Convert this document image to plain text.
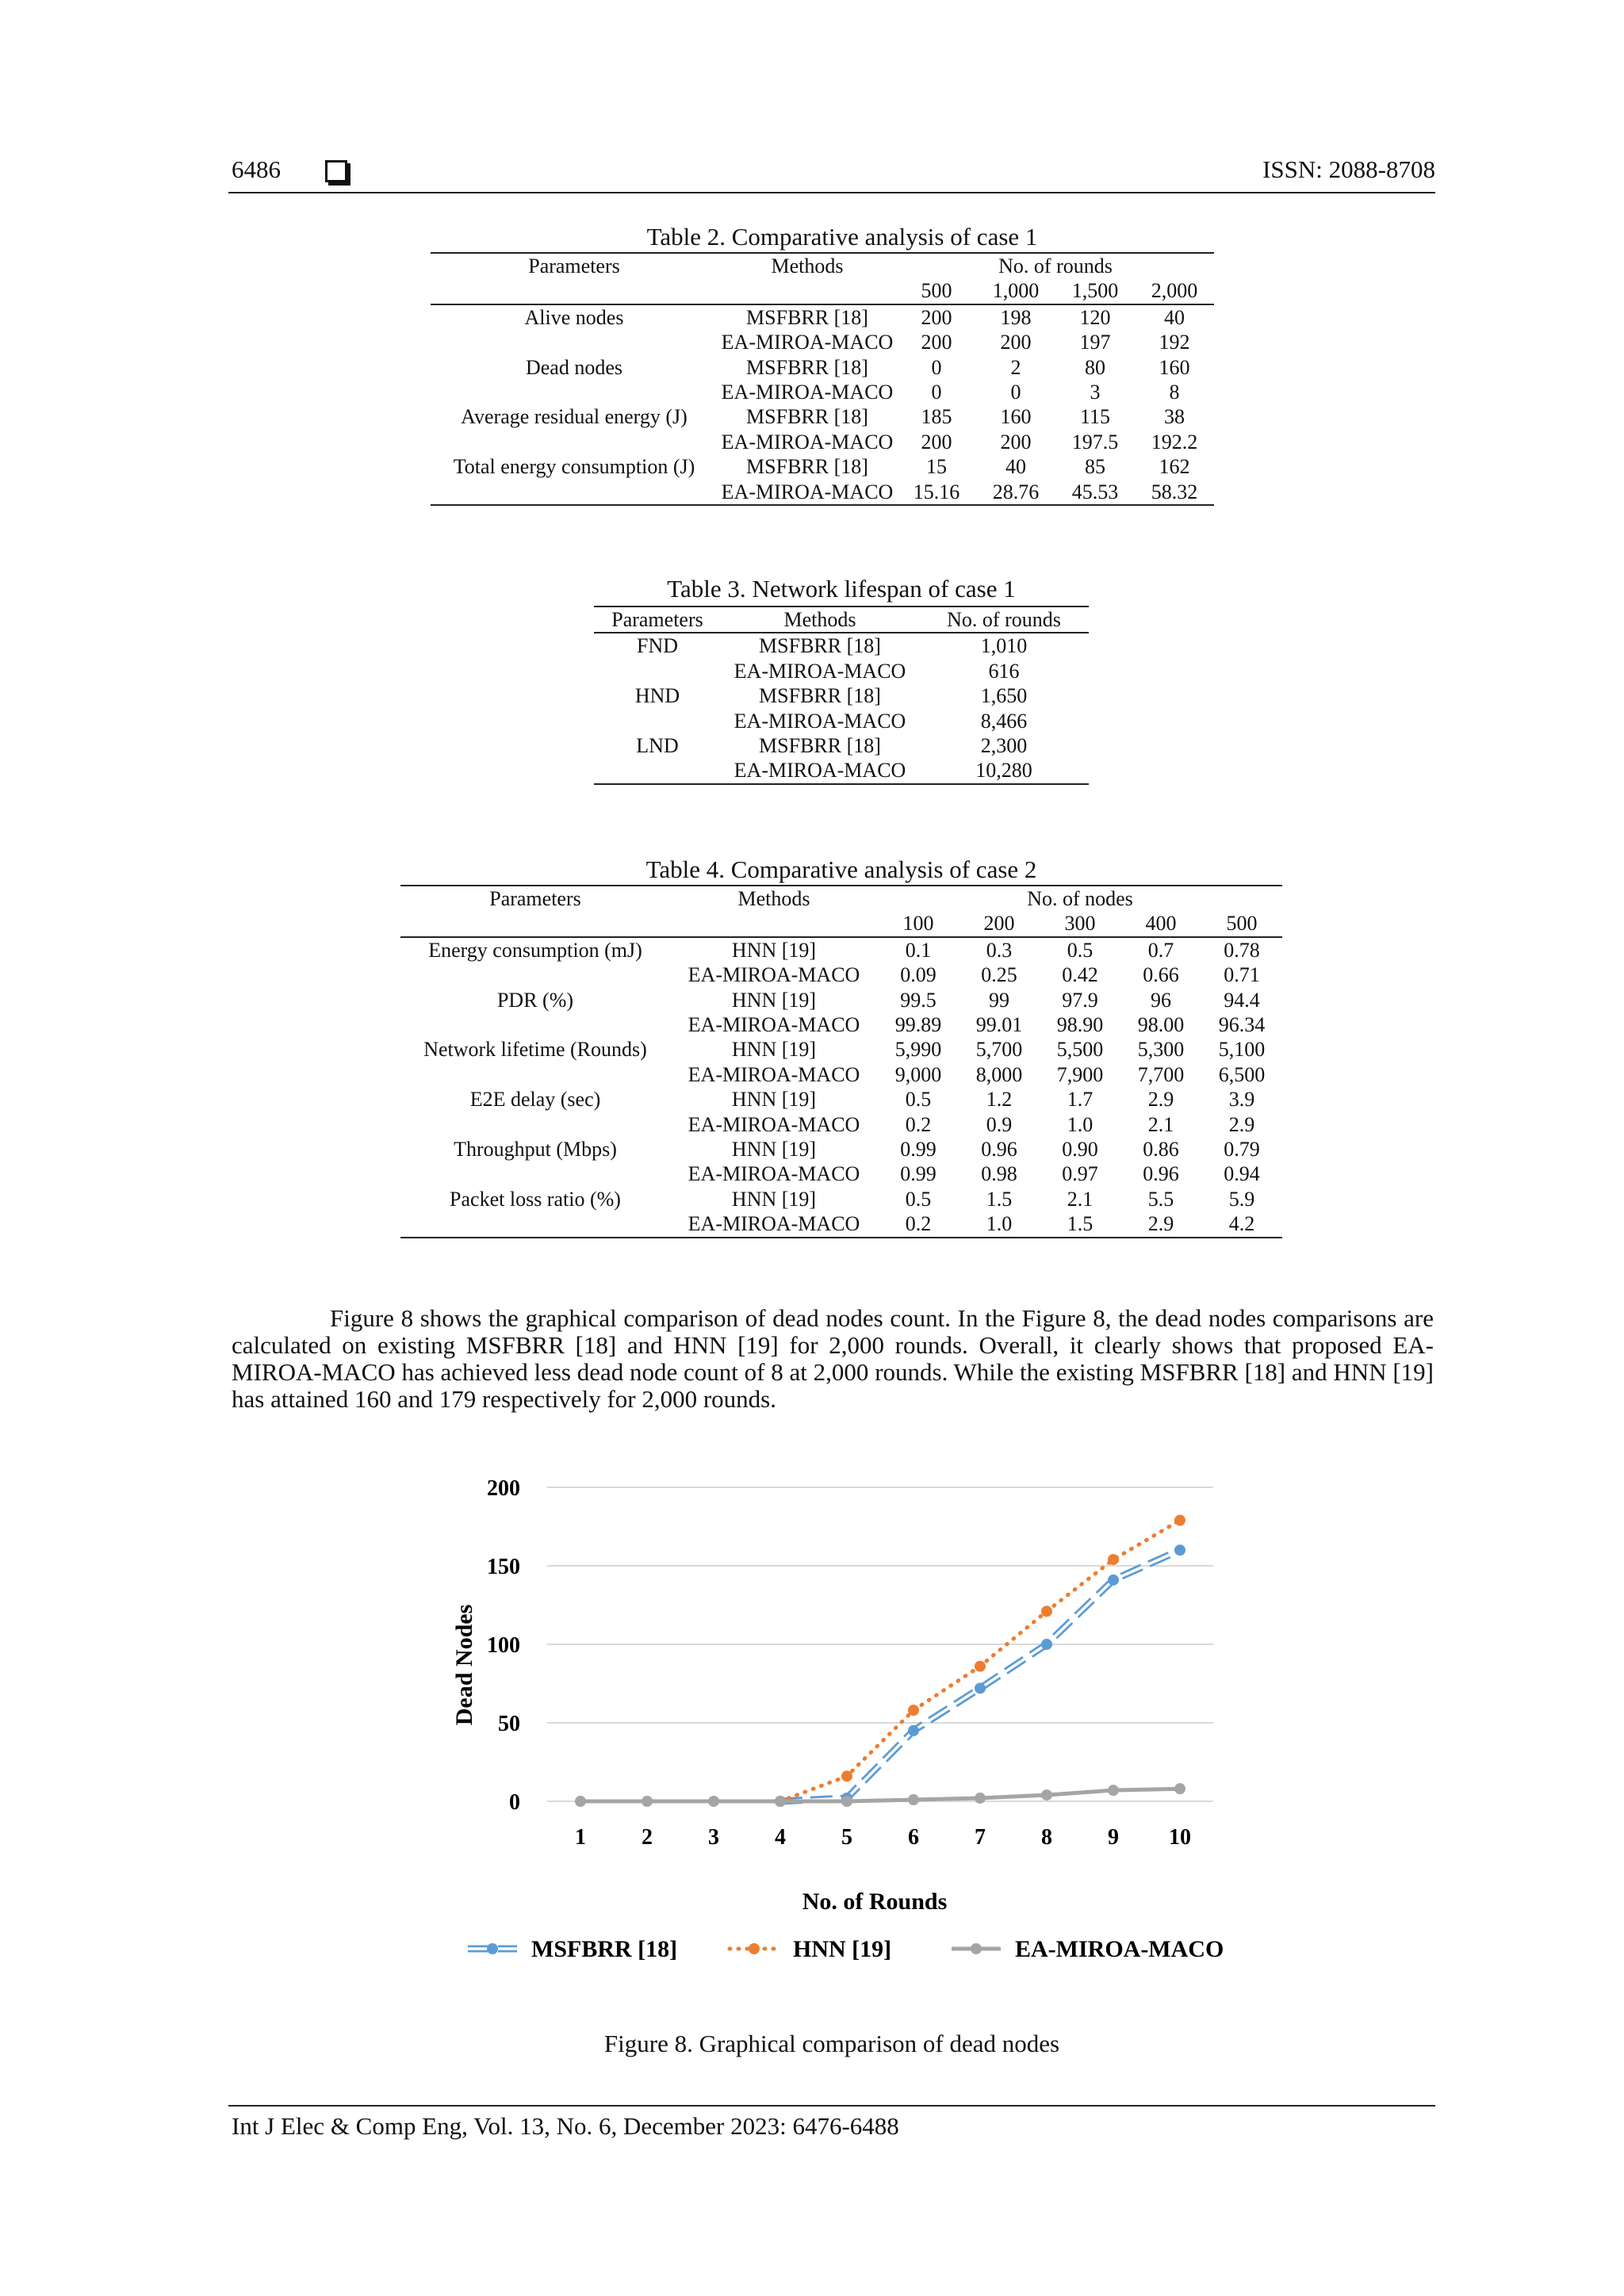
6486	ISSN: 2088-8708
Table 2. Comparative analysis of case 1
Parameters	Methods	No. of rounds			
		500	1,000	1,500	2,000
Alive nodes	MSFBRR [18]	200	198	120	40
	EA-MIROA-MACO	200	200	197	192
Dead nodes	MSFBRR [18]	0	2	80	160
	EA-MIROA-MACO	0	0	3	8
Average residual energy (J)	MSFBRR [18]	185	160	115	38
	EA-MIROA-MACO	200	200	197.5	192.2
Total energy consumption (J)	MSFBRR [18]	15	40	85	162
	EA-MIROA-MACO	15.16	28.76	45.53	58.32
Table 3. Network lifespan of case 1
Parameters	Methods	No. of rounds
FND	MSFBRR [18]	1,010
	EA-MIROA-MACO	616
HND	MSFBRR [18]	1,650
	EA-MIROA-MACO	8,466
LND	MSFBRR [18]	2,300
	EA-MIROA-MACO	10,280
Table 4. Comparative analysis of case 2
Parameters	Methods	No. of nodes				
		100	200	300	400	500
Energy consumption (mJ)	HNN [19]	0.1	0.3	0.5	0.7	0.78
	EA-MIROA-MACO	0.09	0.25	0.42	0.66	0.71
PDR (%)	HNN [19]	99.5	99	97.9	96	94.4
	EA-MIROA-MACO	99.89	99.01	98.90	98.00	96.34
Network lifetime (Rounds)	HNN [19]	5,990	5,700	5,500	5,300	5,100
	EA-MIROA-MACO	9,000	8,000	7,900	7,700	6,500
E2E delay (sec)	HNN [19]	0.5	1.2	1.7	2.9	3.9
	EA-MIROA-MACO	0.2	0.9	1.0	2.1	2.9
Throughput (Mbps)	HNN [19]	0.99	0.96	0.90	0.86	0.79
	EA-MIROA-MACO	0.99	0.98	0.97	0.96	0.94
Packet loss ratio (%)	HNN [19]	0.5	1.5	2.1	5.5	5.9
	EA-MIROA-MACO	0.2	1.0	1.5	2.9	4.2

Figure 8 shows the graphical comparison of dead nodes count. In the Figure 8, the dead nodes comparisons are calculated on existing MSFBRR [18] and HNN [19] for 2,000 rounds. Overall, it clearly shows that proposed EA-MIROA-MACO has achieved less dead node count of 8 at 2,000 rounds. While the existing MSFBRR [18] and HNN [19] has attained 160 and 179 respectively for 2,000 rounds.

0
50
100
150
200
1	2	3	4	5	6	7	8	9 10
Dead Nodes
No. of Rounds
MSFBRR [18]	HNN [19]	EA-MIROA-MACO
Figure 8. Graphical comparison of dead nodes
Int J Elec & Comp Eng, Vol. 13, No. 6, December 2023: 6476-6488
